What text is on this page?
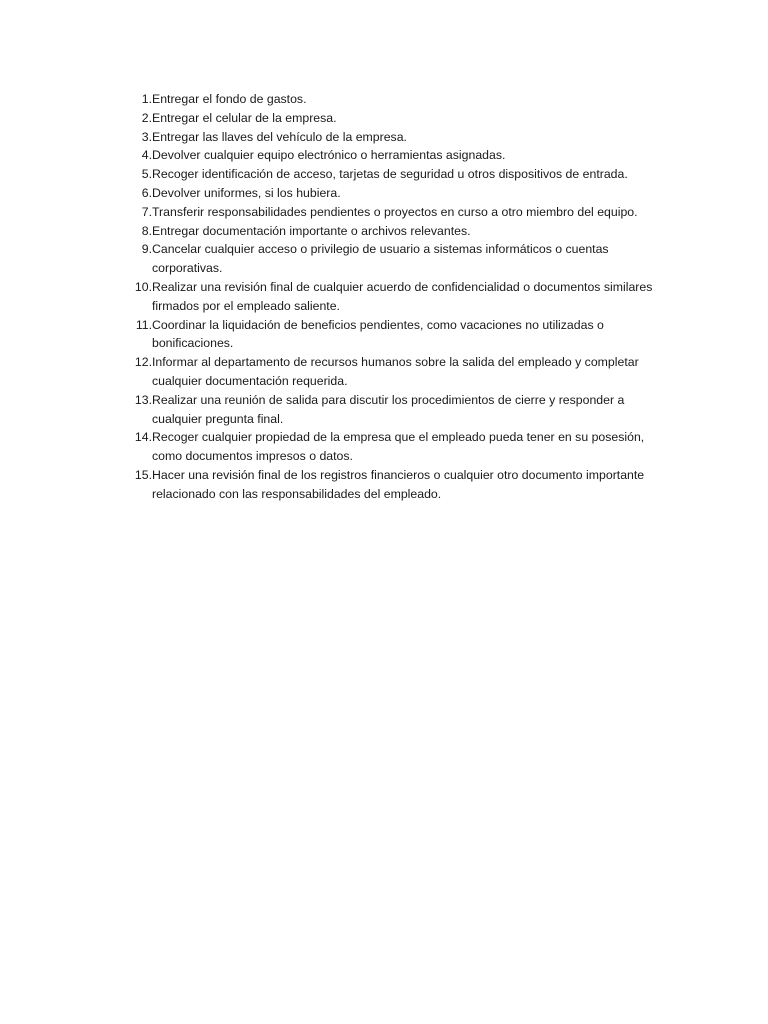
1. Entregar el fondo de gastos.
2. Entregar el celular de la empresa.
3. Entregar las llaves del vehículo de la empresa.
4. Devolver cualquier equipo electrónico o herramientas asignadas.
5. Recoger identificación de acceso, tarjetas de seguridad u otros dispositivos de entrada.
6. Devolver uniformes, si los hubiera.
7. Transferir responsabilidades pendientes o proyectos en curso a otro miembro del equipo.
8. Entregar documentación importante o archivos relevantes.
9. Cancelar cualquier acceso o privilegio de usuario a sistemas informáticos o cuentas corporativas.
10. Realizar una revisión final de cualquier acuerdo de confidencialidad o documentos similares firmados por el empleado saliente.
11. Coordinar la liquidación de beneficios pendientes, como vacaciones no utilizadas o bonificaciones.
12. Informar al departamento de recursos humanos sobre la salida del empleado y completar cualquier documentación requerida.
13. Realizar una reunión de salida para discutir los procedimientos de cierre y responder a cualquier pregunta final.
14. Recoger cualquier propiedad de la empresa que el empleado pueda tener en su posesión, como documentos impresos o datos.
15. Hacer una revisión final de los registros financieros o cualquier otro documento importante relacionado con las responsabilidades del empleado.
